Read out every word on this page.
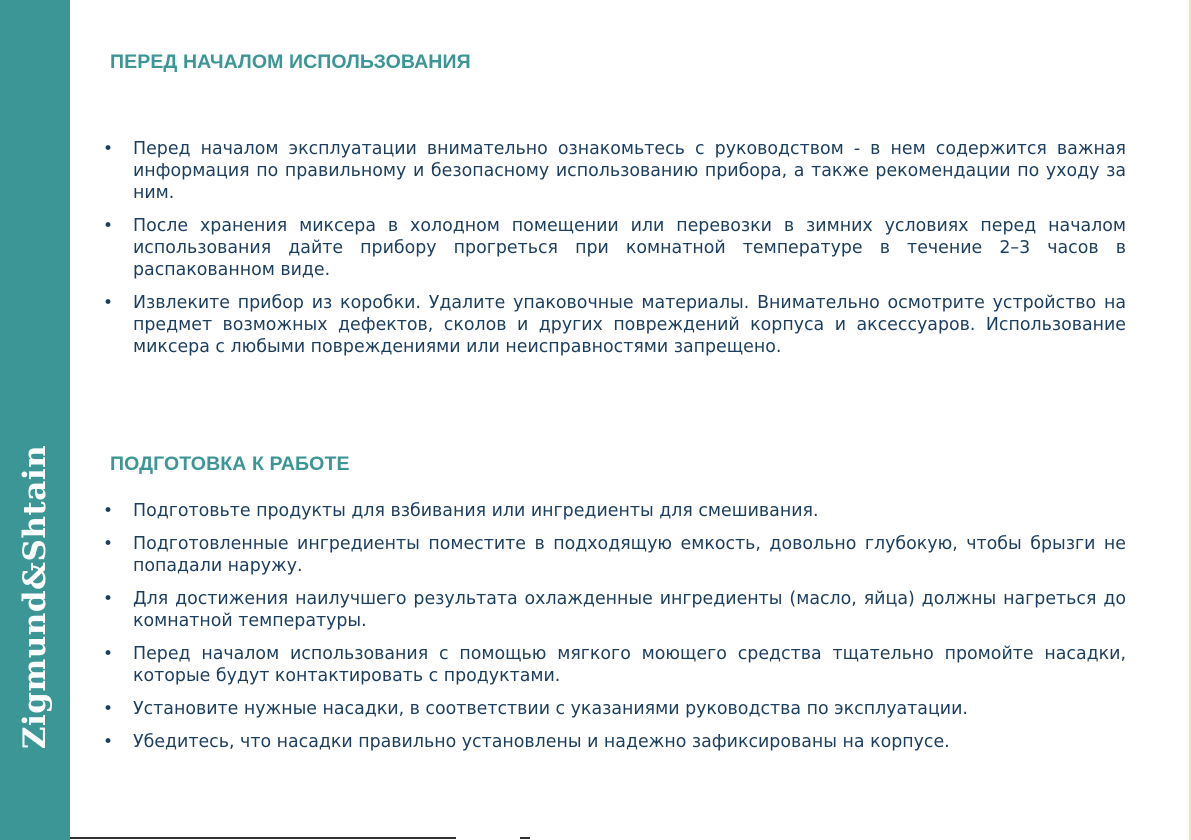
Zigmund&Shtain
ПЕРЕД НАЧАЛОМ ИСПОЛЬЗОВАНИЯ
• Перед началом эксплуатации внимательно ознакомьтесь с руководством - в нем содержится важная информация по правильному и безопасному использованию прибора, а также рекомендации по уходу за ним.
• После хранения миксера в холодном помещении или перевозки в зимних условиях перед началом использования дайте прибору прогреться при комнатной температуре в течение 2–3 часов в распакованном виде.
• Извлеките прибор из коробки. Удалите упаковочные материалы. Внимательно осмотрите устройство на предмет возможных дефектов, сколов и других повреждений корпуса и аксессуаров. Использование миксера с любыми повреждениями или неисправностями запрещено.
ПОДГОТОВКА К РАБОТЕ
• Подготовьте продукты для взбивания или ингредиенты для смешивания.
• Подготовленные ингредиенты поместите в подходящую емкость, довольно глубокую, чтобы брызги не попадали наружу.
• Для достижения наилучшего результата охлажденные ингредиенты (масло, яйца) должны нагреться до комнатной температуры.
• Перед началом использования с помощью мягкого моющего средства тщательно промойте насадки, которые будут контактировать с продуктами.
• Установите нужные насадки, в соответствии с указаниями руководства по эксплуатации.
• Убедитесь, что насадки правильно установлены и надежно зафиксированы на корпусе.
